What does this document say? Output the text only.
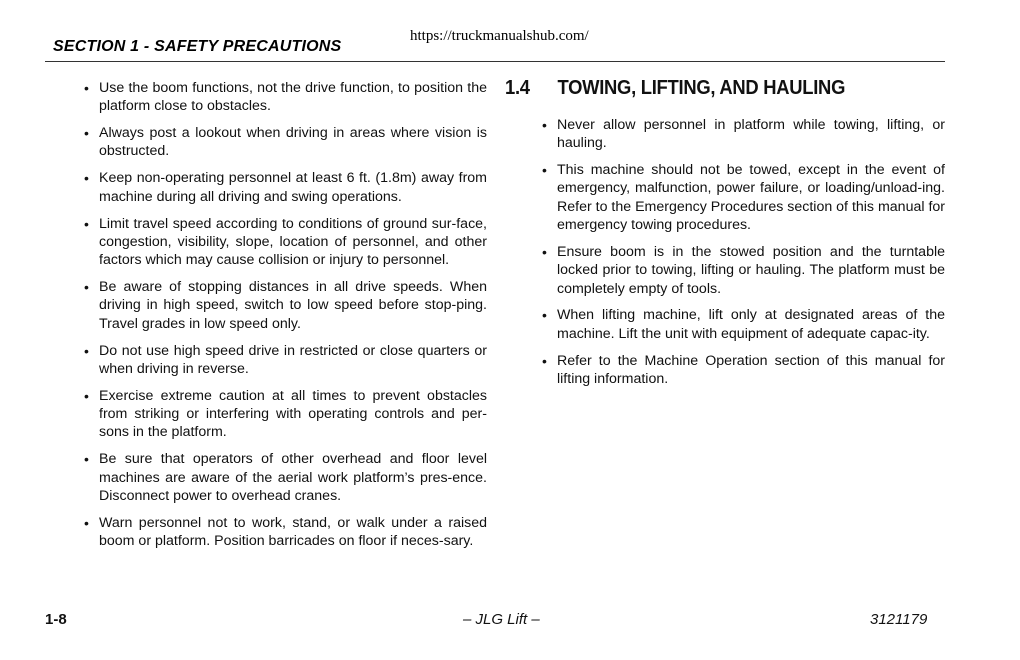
https://truckmanualshub.com/
SECTION 1 - SAFETY PRECAUTIONS
• Use the boom functions, not the drive function, to position the platform close to obstacles.
• Always post a lookout when driving in areas where vision is obstructed.
• Keep non-operating personnel at least 6 ft. (1.8m) away from machine during all driving and swing operations.
• Limit travel speed according to conditions of ground sur-face, congestion, visibility, slope, location of personnel, and other factors which may cause collision or injury to personnel.
• Be aware of stopping distances in all drive speeds. When driving in high speed, switch to low speed before stop-ping. Travel grades in low speed only.
• Do not use high speed drive in restricted or close quarters or when driving in reverse.
• Exercise extreme caution at all times to prevent obstacles from striking or interfering with operating controls and per-sons in the platform.
• Be sure that operators of other overhead and floor level machines are aware of the aerial work platform’s pres-ence. Disconnect power to overhead cranes.
• Warn personnel not to work, stand, or walk under a raised boom or platform. Position barricades on floor if neces-sary.
1.4 TOWING, LIFTING, AND HAULING
• Never allow personnel in platform while towing, lifting, or hauling.
• This machine should not be towed, except in the event of emergency, malfunction, power failure, or loading/unload-ing. Refer to the Emergency Procedures section of this manual for emergency towing procedures.
• Ensure boom is in the stowed position and the turntable locked prior to towing, lifting or hauling. The platform must be completely empty of tools.
• When lifting machine, lift only at designated areas of the machine. Lift the unit with equipment of adequate capac-ity.
• Refer to the Machine Operation section of this manual for lifting information.
1-8	– JLG Lift –	3121179
